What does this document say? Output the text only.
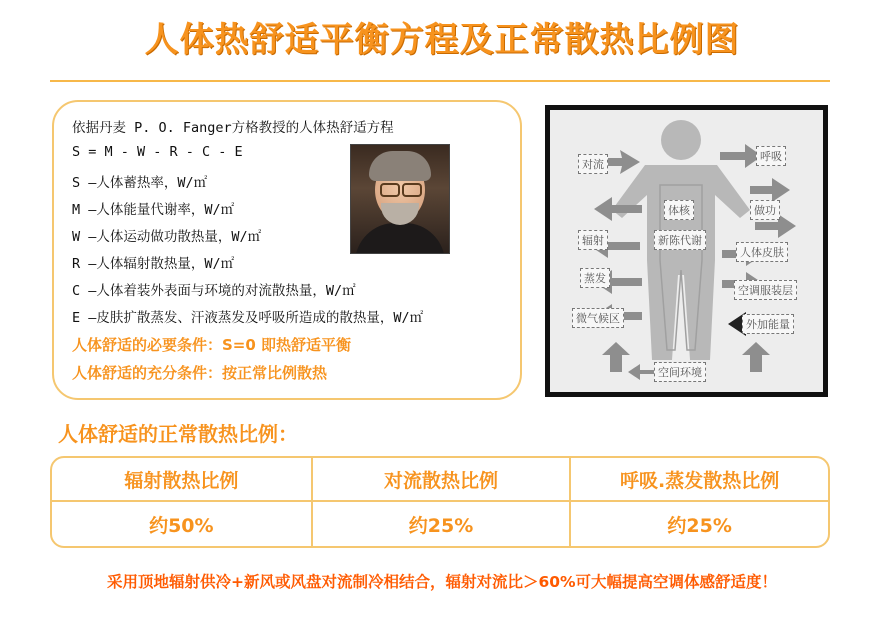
人体热舒适平衡方程及正常散热比例图
依据丹麦 P. O. Fanger方格教授的人体热舒适方程
S = M - W - R - C - E
S —人体蓄热率，W/㎡
M —人体能量代谢率，W/㎡
W —人体运动做功散热量，W/㎡
R —人体辐射散热量，W/㎡
C —人体着装外表面与环境的对流散热量，W/㎡
E —皮肤扩散蒸发、汗液蒸发及呼吸所造成的散热量，W/㎡
人体舒适的必要条件：S=0 即热舒适平衡
人体舒适的充分条件：按正常比例散热
对流
呼吸
体核	做功
新陈代谢
辐射
人体皮肤
蒸发
空调服装层
微气候区	外加能量
空间环境
人体舒适的正常散热比例：
辐射散热比例	对流散热比例	呼吸.蒸发散热比例
约50%	约25%	约25%
采用顶地辐射供冷+新风或风盘对流制冷相结合，辐射对流比＞60%可大幅提高空调体感舒适度！
